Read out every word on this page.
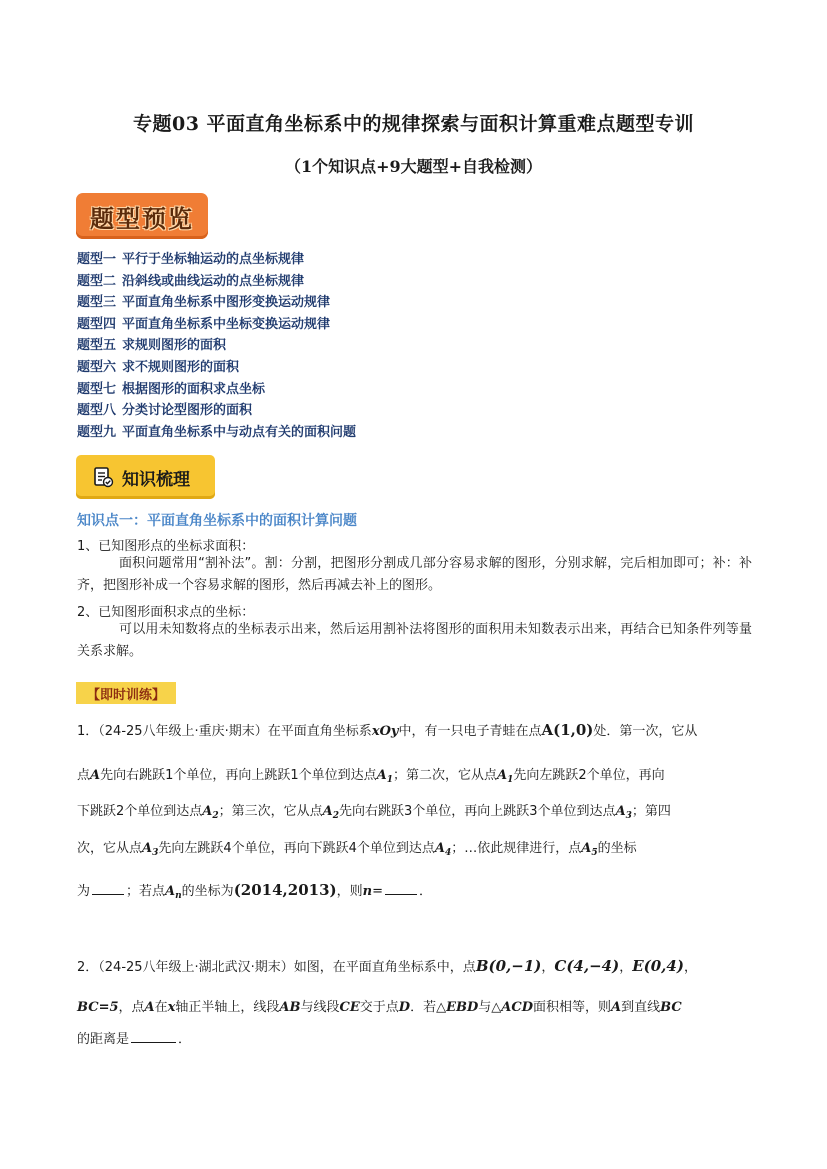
专题03 平面直角坐标系中的规律探索与面积计算重难点题型专训
（1个知识点+9大题型+自我检测）
题型预览
题型一 平行于坐标轴运动的点坐标规律
题型二 沿斜线或曲线运动的点坐标规律
题型三 平面直角坐标系中图形变换运动规律
题型四 平面直角坐标系中坐标变换运动规律
题型五 求规则图形的面积
题型六 求不规则图形的面积
题型七 根据图形的面积求点坐标
题型八 分类讨论型图形的面积
题型九 平面直角坐标系中与动点有关的面积问题
知识梳理
知识点一：平面直角坐标系中的面积计算问题
1、已知图形点的坐标求面积：
面积问题常用“割补法”。割：分割，把图形分割成几部分容易求解的图形，分别求解，完后相加即可；补：补齐，把图形补成一个容易求解的图形，然后再减去补上的图形。
2、已知图形面积求点的坐标：
可以用未知数将点的坐标表示出来，然后运用割补法将图形的面积用未知数表示出来，再结合已知条件列等量关系求解。
【即时训练】
1．（24-25八年级上·重庆·期末）在平面直角坐标系xOy中，有一只电子青蛙在点A(1,0)处．第一次，它从
点A先向右跳跃1个单位，再向上跳跃1个单位到达点$A_1$；第二次，它从点$A_1$先向左跳跃2个单位，再向
下跳跃2个单位到达点$A_2$；第三次，它从点$A_2$先向右跳跃3个单位，再向上跳跃3个单位到达点$A_3$；第四
次，它从点$A_3$先向左跳跃4个单位，再向下跳跃4个单位到达点$A_4$；…依此规律进行，点$A_5$的坐标
为	；若点$A_n$的坐标为(2014,2013)，则n=	．
2．（24-25八年级上·湖北武汉·期末）如图，在平面直角坐标系中，点B(0,−1)，C(4,−4)，E(0,4)，
BC=5，点A在x轴正半轴上，线段AB与线段CE交于点D．若△EBD与△ACD面积相等，则A到直线BC
的距离是	．
